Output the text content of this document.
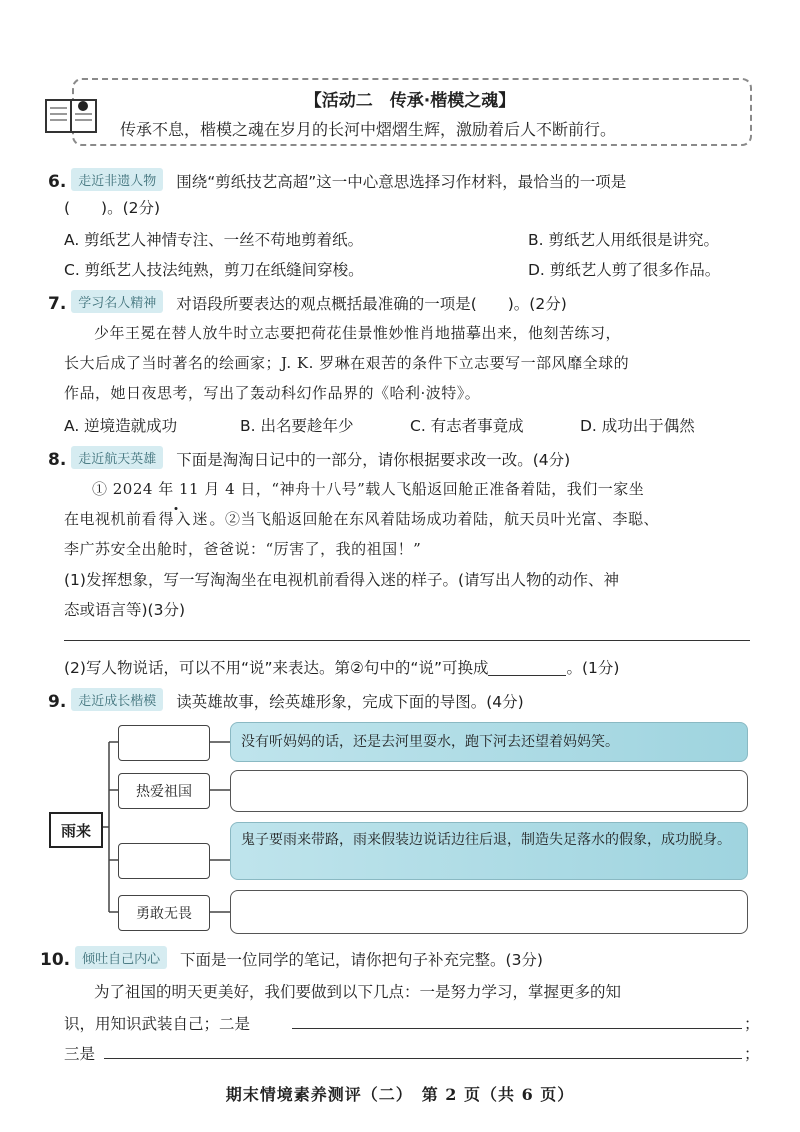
【活动二　传承·楷模之魂】
传承不息，楷模之魂在岁月的长河中熠熠生辉，激励着后人不断前行。
6. 走近非遗人物 围绕“剪纸技艺高超”这一中心意思选择习作材料，最恰当的一项是
(　　)。(2分)
A. 剪纸艺人神情专注、一丝不苟地剪着纸。	B. 剪纸艺人用纸很是讲究。
C. 剪纸艺人技法纯熟，剪刀在纸缝间穿梭。	D. 剪纸艺人剪了很多作品。
7. 学习名人精神 对语段所要表达的观点概括最准确的一项是(　　)。(2分)
少年王冕在替人放牛时立志要把荷花佳景惟妙惟肖地描摹出来，他刻苦练习，
长大后成了当时著名的绘画家；J. K. 罗琳在艰苦的条件下立志要写一部风靡全球的
作品，她日夜思考，写出了轰动科幻作品界的《哈利·波特》。
A. 逆境造就成功	B. 出名要趁年少	C. 有志者事竟成	D. 成功出于偶然
8. 走近航天英雄 下面是淘淘日记中的一部分，请你根据要求改一改。(4分)
① 2024 年 11 月 4 日，“神舟十八号”载人飞船返回舱正准备着陆，我们一家坐
在电视机前看得入迷。②当飞船返回舱在东风着陆场成功着陆，航天员叶光富、李聪、
李广苏安全出舱时，爸爸说：“厉害了，我的祖国！”
(1)发挥想象，写一写淘淘坐在电视机前看得入迷的样子。(请写出人物的动作、神
态或语言等)(3分)
(2)写人物说话，可以不用“说”来表达。第②句中的“说”可换成	。(1分)
9. 走近成长楷模 读英雄故事，绘英雄形象，完成下面的导图。(4分)
雨来
热爱祖国
勇敢无畏
没有听妈妈的话，还是去河里耍水，跑下河去还望着妈妈笑。
鬼子要雨来带路，雨来假装边说话边往后退，制造失足落水的假象，成功脱身。
10. 倾吐自己内心 下面是一位同学的笔记，请你把句子补充完整。(3分)
为了祖国的明天更美好，我们要做到以下几点：一是努力学习，掌握更多的知
识，用知识武装自己；二是	；
三是	；
期末情境素养测评（二）　第 2 页（共 6 页）
